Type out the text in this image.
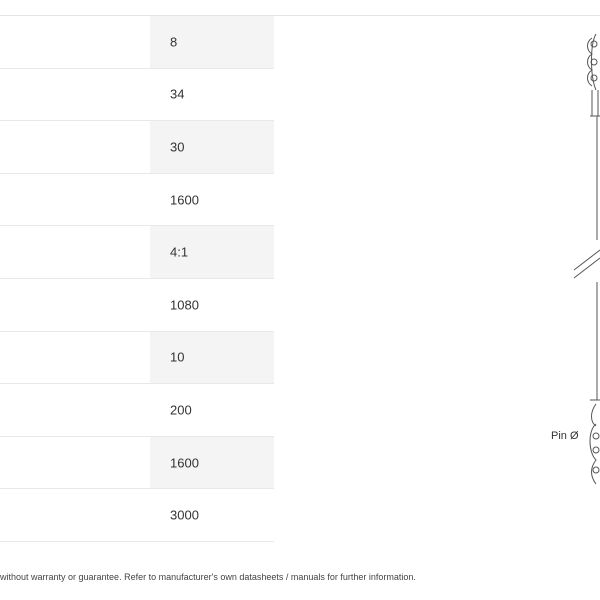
8
34
30
1600
4:1
1080
10
200
1600
3000
Pin Ø
without warranty or guarantee. Refer to manufacturer's own datasheets / manuals for further information.
